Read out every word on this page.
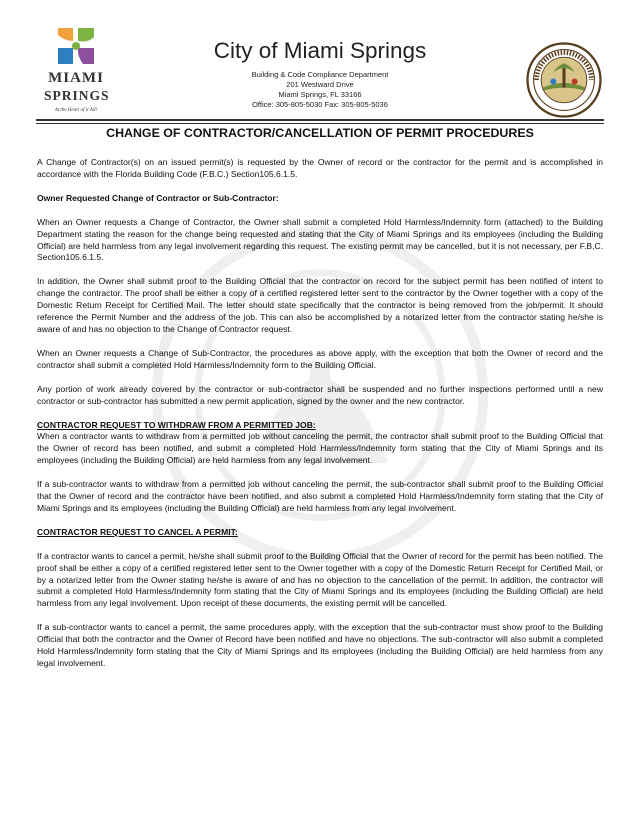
MIAMI
SPRINGS
At the Heart of it All!
City of Miami Springs
Building & Code Compliance Department
201 Westward Drive
Miami Springs, FL 33166
Office: 305-805-5030 Fax: 305-805-5036
CHANGE OF CONTRACTOR/CANCELLATION OF PERMIT PROCEDURES

A Change of Contractor(s) on an issued permit(s) is requested by the Owner of record or the contractor for the permit and is accomplished in accordance with the Florida Building Code (F.B.C.) Section105.6.1.5.

Owner Requested Change of Contractor or Sub-Contractor:

When an Owner requests a Change of Contractor, the Owner shall submit a completed Hold Harmless/Indemnity form (attached) to the Building Department stating the reason for the change being requested and stating that the City of Miami Springs and its employees (including the Building Official) are held harmless from any legal involvement regarding this request. The existing permit may be cancelled, but it is not necessary, per F.B.C. Section105.6.1.5.

In addition, the Owner shall submit proof to the Building Official that the contractor on record for the subject permit has been notified of intent to change the contractor. The proof shall be either a copy of a certified registered letter sent to the contractor by the Owner together with a copy of the Domestic Return Receipt for Certified Mail. The letter should state specifically that the contractor is being removed from the job/permit. It should reference the Permit Number and the address of the job. This can also be accomplished by a notarized letter from the contractor stating he/she is aware of and has no objection to the Change of Contractor request.

When an Owner requests a Change of Sub-Contractor, the procedures as above apply, with the exception that both the Owner of record and the contractor shall submit a completed Hold Harmless/Indemnity form to the Building Official.

Any portion of work already covered by the contractor or sub-contractor shall be suspended and no further inspections performed until a new contractor or sub-contractor has submitted a new permit application, signed by the owner and the new contractor.

CONTRACTOR REQUEST TO WITHDRAW FROM A PERMITTED JOB:

When a contractor wants to withdraw from a permitted job without canceling the permit, the contractor shall submit proof to the Building Official that the Owner of record has been notified, and submit a completed Hold Harmless/Indemnity form stating that the City of Miami Springs and its employees (including the Building Official) are held harmless from any legal involvement.

If a sub-contractor wants to withdraw from a permitted job without canceling the permit, the sub-contractor shall submit proof to the Building Official that the Owner of record and the contractor have been notified, and also submit a completed Hold Harmless/Indemnity form stating that the City of Miami Springs and its employees (including the Building Official) are held harmless from any legal involvement.

CONTRACTOR REQUEST TO CANCEL A PERMIT:

If a contractor wants to cancel a permit, he/she shall submit proof to the Building Official that the Owner of record for the permit has been notified. The proof shall be either a copy of a certified registered letter sent to the Owner together with a copy of the Domestic Return Receipt for Certified Mail, or by a notarized letter from the Owner stating he/she is aware of and has no objection to the cancellation of the permit. In addition, the contractor will submit a completed Hold Harmless/Indemnity form stating that the City of Miami Springs and its employees (including the Building Official) are held harmless from any legal involvement. Upon receipt of these documents, the existing permit will be cancelled.

If a sub-contractor wants to cancel a permit, the same procedures apply, with the exception that the sub-contractor must show proof to the Building Official that both the contractor and the Owner of Record have been notified and have no objections. The sub-contractor will also submit a completed Hold Harmless/Indemnity form stating that the City of Miami Springs and its employees (including the Building Official) are held harmless from any legal involvement.
